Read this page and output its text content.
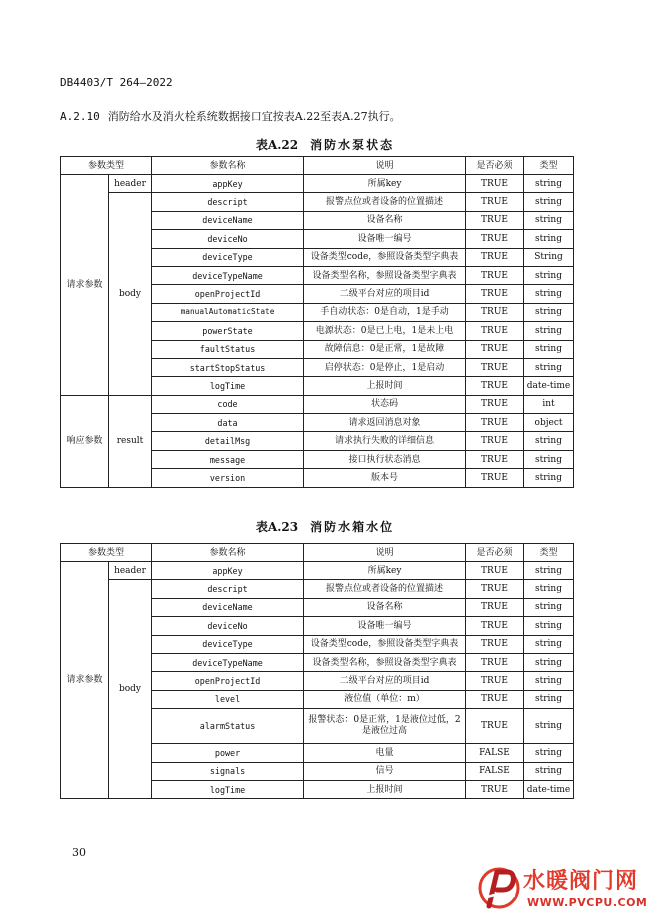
DB4403/T 264—2022
A.2.10 消防给水及消火栓系统数据接口宜按表A.22至表A.27执行。
表A.22 消防水泵状态
参数类型		参数名称	说明	是否必须	类型
请求参数	header	appKey	所属key	TRUE	string
	body	descript	报警点位或者设备的位置描述	TRUE	string
		deviceName	设备名称	TRUE	string
		deviceNo	设备唯一编号	TRUE	string
		deviceType	设备类型code，参照设备类型字典表	TRUE	String
		deviceTypeName	设备类型名称，参照设备类型字典表	TRUE	string
		openProjectId	二级平台对应的项目id	TRUE	string
		manualAutomaticState	手自动状态：0是自动，1是手动	TRUE	string
		powerState	电源状态：0是已上电，1是未上电	TRUE	string
		faultStatus	故障信息：0是正常，1是故障	TRUE	string
		startStopStatus	启停状态：0是停止，1是启动	TRUE	string
		logTime	上报时间	TRUE	date-time
响应参数	result	code	状态码	TRUE	int
		data	请求返回消息对象	TRUE	object
		detailMsg	请求执行失败的详细信息	TRUE	string
		message	接口执行状态消息	TRUE	string
		version	版本号	TRUE	string
表A.23 消防水箱水位
参数类型		参数名称	说明	是否必须	类型
请求参数	header	appKey	所属key	TRUE	string
	body	descript	报警点位或者设备的位置描述	TRUE	string
		deviceName	设备名称	TRUE	string
		deviceNo	设备唯一编号	TRUE	string
		deviceType	设备类型code，参照设备类型字典表	TRUE	string
		deviceTypeName	设备类型名称，参照设备类型字典表	TRUE	string
		openProjectId	二级平台对应的项目id	TRUE	string
		level	液位值（单位：m）	TRUE	string
		alarmStatus	报警状态：0是正常，1是液位过低，2是液位过高	TRUE	string
		power	电量	FALSE	string
		signals	信号	FALSE	string
		logTime	上报时间	TRUE	date-time
30
水暖阀门网
WWW.PVCPU.COM
